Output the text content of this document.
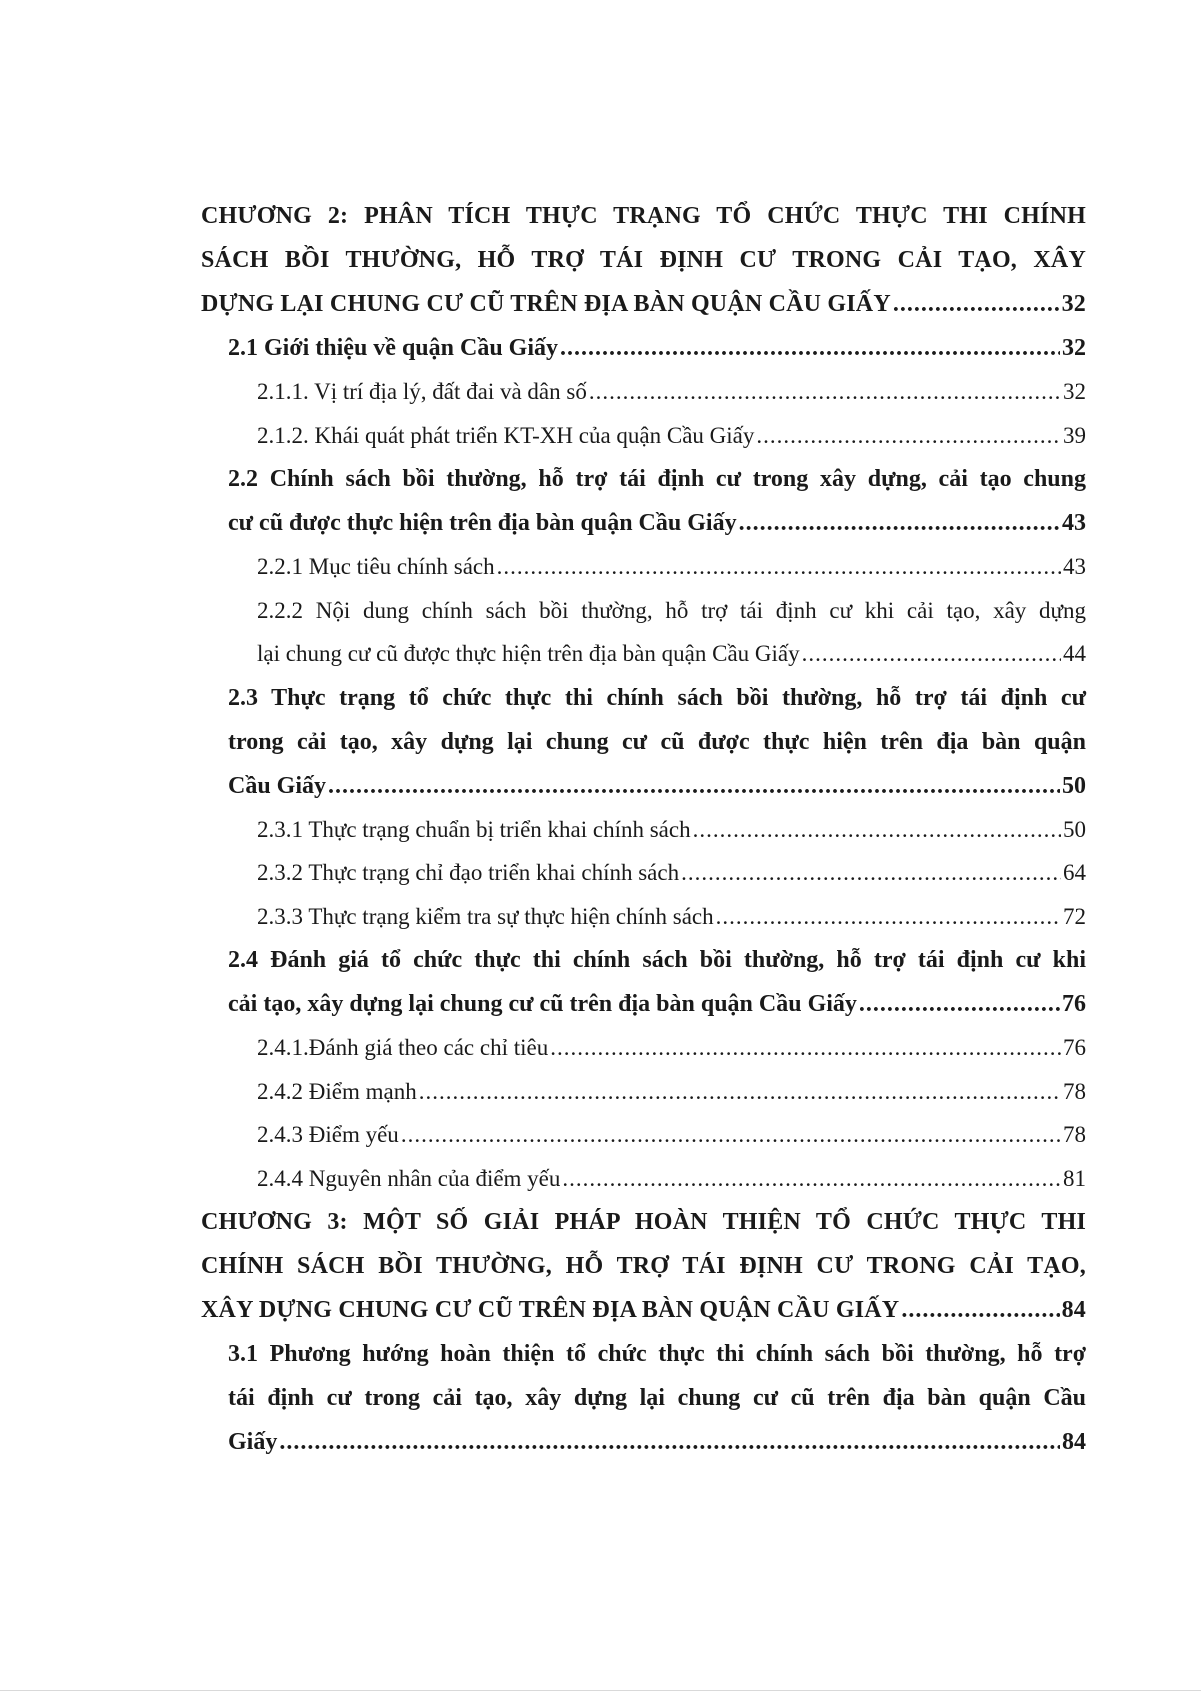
CHƯƠNG 2: PHÂN TÍCH THỰC TRẠNG TỔ CHỨC THỰC THI CHÍNH
SÁCH BỒI THƯỜNG, HỖ TRỢ TÁI ĐỊNH CƯ TRONG CẢI TẠO, XÂY
DỰNG LẠI CHUNG CƯ CŨ TRÊN ĐỊA BÀN QUẬN CẦU GIẤY .....	32
2.1 Giới thiệu về quận Cầu Giấy .....	32
2.1.1. Vị trí địa lý, đất đai và dân số .....	32
2.1.2. Khái quát phát triển KT-XH của quận Cầu Giấy .....	39
2.2 Chính sách bồi thường, hỗ trợ tái định cư trong xây dựng, cải tạo chung
cư cũ được thực hiện trên địa bàn quận Cầu Giấy .....	43
2.2.1 Mục tiêu chính sách .....	43
2.2.2 Nội dung chính sách bồi thường, hỗ trợ tái định cư khi cải tạo, xây dựng
lại chung cư cũ được thực hiện trên địa bàn quận Cầu Giấy .....	44
2.3 Thực trạng tổ chức thực thi chính sách bồi thường, hỗ trợ tái định cư
trong cải tạo, xây dựng lại chung cư cũ được thực hiện trên địa bàn quận
Cầu Giấy .....	50
2.3.1 Thực trạng chuẩn bị triển khai chính sách .....	50
2.3.2 Thực trạng chỉ đạo triển khai chính sách .....	64
2.3.3 Thực trạng kiểm tra sự thực hiện chính sách .....	72
2.4 Đánh giá tổ chức thực thi chính sách bồi thường, hỗ trợ tái định cư khi
cải tạo, xây dựng lại chung cư cũ trên địa bàn quận Cầu Giấy .....	76
2.4.1.Đánh giá theo các chỉ tiêu .....	76
2.4.2 Điểm mạnh .....	78
2.4.3 Điểm yếu .....	78
2.4.4 Nguyên nhân của điểm yếu .....	81
CHƯƠNG 3: MỘT SỐ GIẢI PHÁP HOÀN THIỆN TỔ CHỨC THỰC THI
CHÍNH SÁCH BỒI THƯỜNG, HỖ TRỢ TÁI ĐỊNH CƯ TRONG CẢI TẠO,
XÂY DỰNG CHUNG CƯ CŨ TRÊN ĐỊA BÀN QUẬN CẦU GIẤY .....	84
3.1 Phương hướng hoàn thiện tổ chức thực thi chính sách bồi thường, hỗ trợ
tái định cư trong cải tạo, xây dựng lại chung cư cũ trên địa bàn quận Cầu
Giấy .....	84
